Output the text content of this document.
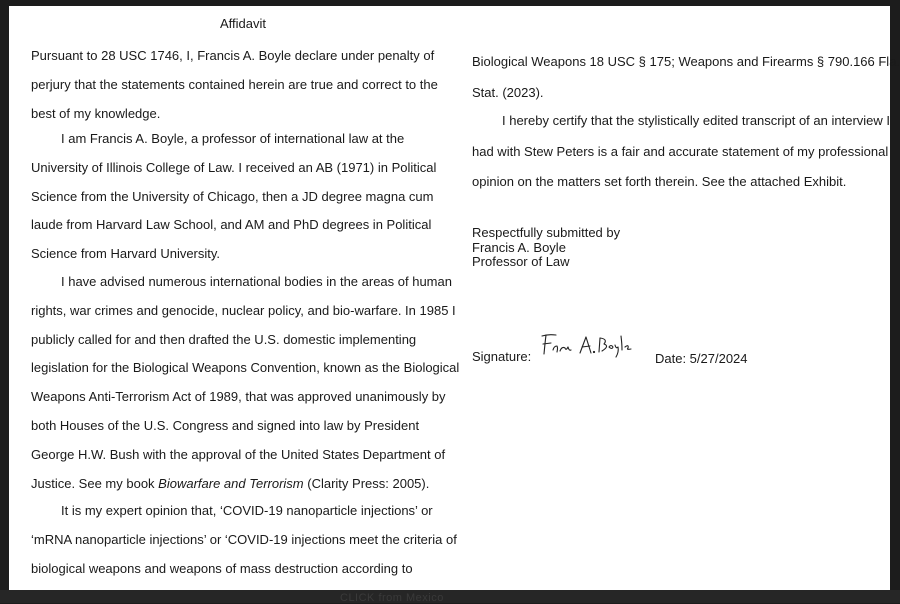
CLICK from Mexico
Affidavit

Pursuant to 28 USC 1746, I, Francis A. Boyle declare under penalty of
perjury that the statements contained herein are true and correct to the
best of my knowledge.

I am Francis A. Boyle, a professor of international law at the
University of Illinois College of Law. I received an AB (1971) in Political
Science from the University of Chicago, then a JD degree magna cum
laude from Harvard Law School, and AM and PhD degrees in Political
Science from Harvard University.

I have advised numerous international bodies in the areas of human
rights, war crimes and genocide, nuclear policy, and bio-warfare. In 1985 I
publicly called for and then drafted the U.S. domestic implementing
legislation for the Biological Weapons Convention, known as the Biological
Weapons Anti-Terrorism Act of 1989, that was approved unanimously by
both Houses of the U.S. Congress and signed into law by President
George H.W. Bush with the approval of the United States Department of
Justice. See my book Biowarfare and Terrorism (Clarity Press: 2005).

It is my expert opinion that, ‘COVID-19 nanoparticle injections’ or
‘mRNA nanoparticle injections’ or ‘COVID-19 injections meet the criteria of
biological weapons and weapons of mass destruction according to

Biological Weapons 18 USC § 175; Weapons and Firearms § 790.166 Fla.
Stat. (2023).

I hereby certify that the stylistically edited transcript of an interview I
had with Stew Peters is a fair and accurate statement of my professional
opinion on the matters set forth therein. See the attached Exhibit.

Respectfully submitted by
Francis A. Boyle
Professor of Law
Signature:	Date: 5/27/2024
